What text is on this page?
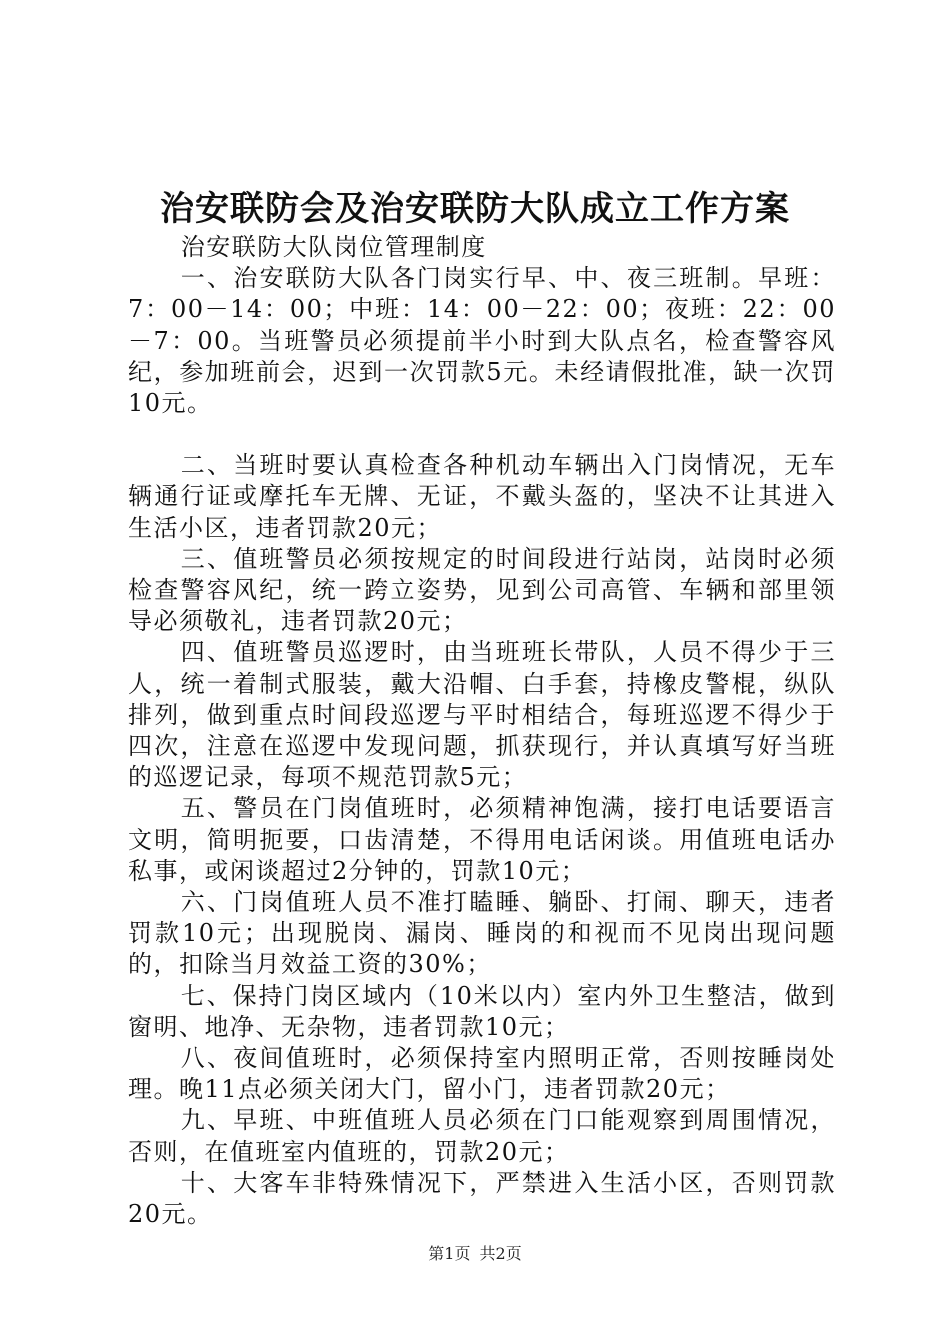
治安联防会及治安联防大队成立工作方案

治安联防大队岗位管理制度

一、治安联防大队各门岗实行早、中、夜三班制。早班：7：00－14：00；中班：14：00－22：00；夜班：22：00－7：00。当班警员必须提前半小时到大队点名，检查警容风纪，参加班前会，迟到一次罚款5元。未经请假批准，缺一次罚10元。

二、当班时要认真检查各种机动车辆出入门岗情况，无车辆通行证或摩托车无牌、无证，不戴头盔的，坚决不让其进入生活小区，违者罚款20元；

三、值班警员必须按规定的时间段进行站岗，站岗时必须检查警容风纪，统一跨立姿势，见到公司高管、车辆和部里领导必须敬礼，违者罚款20元；

四、值班警员巡逻时，由当班班长带队，人员不得少于三人，统一着制式服装，戴大沿帽、白手套，持橡皮警棍，纵队排列，做到重点时间段巡逻与平时相结合，每班巡逻不得少于四次，注意在巡逻中发现问题，抓获现行，并认真填写好当班的巡逻记录，每项不规范罚款5元；

五、警员在门岗值班时，必须精神饱满，接打电话要语言文明，简明扼要，口齿清楚，不得用电话闲谈。用值班电话办私事，或闲谈超过2分钟的，罚款10元；

六、门岗值班人员不准打瞌睡、躺卧、打闹、聊天，违者罚款10元；出现脱岗、漏岗、睡岗的和视而不见岗出现问题的，扣除当月效益工资的30%；

七、保持门岗区域内（10米以内）室内外卫生整洁，做到窗明、地净、无杂物，违者罚款10元；

八、夜间值班时，必须保持室内照明正常，否则按睡岗处理。晚11点必须关闭大门，留小门，违者罚款20元；

九、早班、中班值班人员必须在门口能观察到周围情况，否则，在值班室内值班的，罚款20元；

十、大客车非特殊情况下，严禁进入生活小区，否则罚款20元。

第1页 共2页
